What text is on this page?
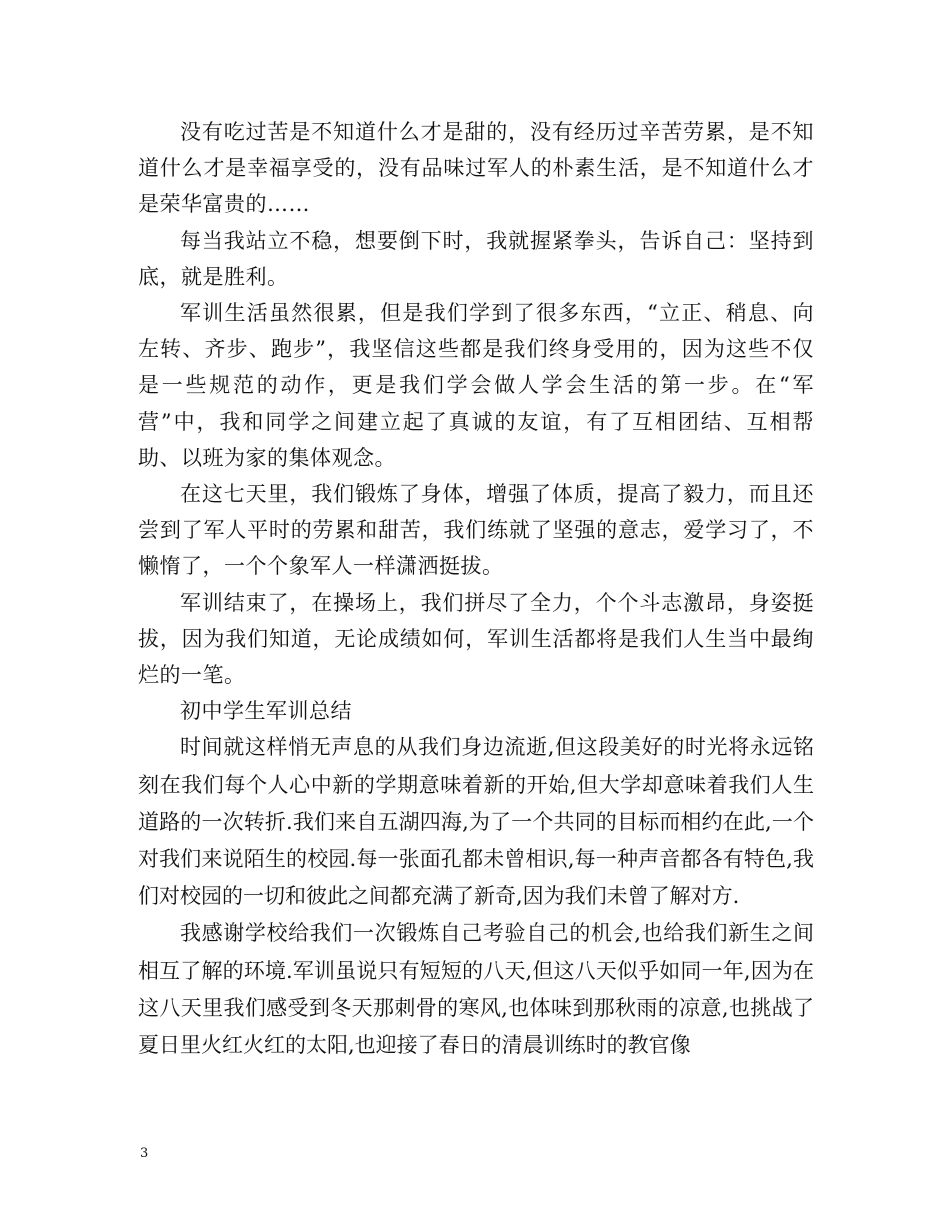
没有吃过苦是不知道什么才是甜的，没有经历过辛苦劳累，是不知道什么才是幸福享受的，没有品味过军人的朴素生活，是不知道什么才是荣华富贵的……

每当我站立不稳，想要倒下时，我就握紧拳头，告诉自己：坚持到底，就是胜利。

军训生活虽然很累，但是我们学到了很多东西，“立正、稍息、向左转、齐步、跑步”，我坚信这些都是我们终身受用的，因为这些不仅是一些规范的动作，更是我们学会做人学会生活的第一步。在“军营”中，我和同学之间建立起了真诚的友谊，有了互相团结、互相帮助、以班为家的集体观念。

在这七天里，我们锻炼了身体，增强了体质，提高了毅力，而且还尝到了军人平时的劳累和甜苦，我们练就了坚强的意志，爱学习了，不懒惰了，一个个象军人一样潇洒挺拔。

军训结束了，在操场上，我们拼尽了全力，个个斗志激昂，身姿挺拔，因为我们知道，无论成绩如何，军训生活都将是我们人生当中最绚烂的一笔。

初中学生军训总结

时间就这样悄无声息的从我们身边流逝,但这段美好的时光将永远铭刻在我们每个人心中新的学期意味着新的开始,但大学却意味着我们人生道路的一次转折.我们来自五湖四海,为了一个共同的目标而相约在此,一个对我们来说陌生的校园.每一张面孔都未曾相识,每一种声音都各有特色,我们对校园的一切和彼此之间都充满了新奇,因为我们未曾了解对方.

我感谢学校给我们一次锻炼自己考验自己的机会,也给我们新生之间相互了解的环境.军训虽说只有短短的八天,但这八天似乎如同一年,因为在这八天里我们感受到冬天那刺骨的寒风,也体味到那秋雨的凉意,也挑战了夏日里火红火红的太阳,也迎接了春日的清晨训练时的教官像

3
